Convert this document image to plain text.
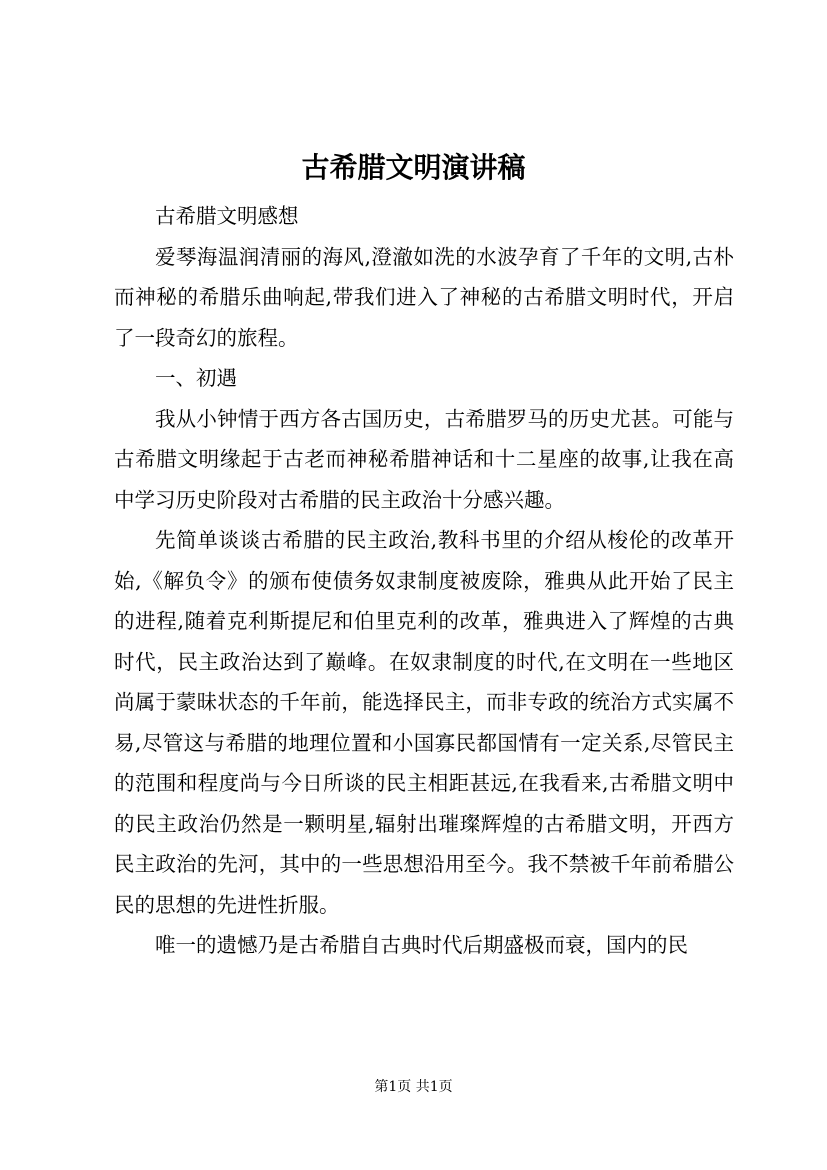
古希腊文明演讲稿

古希腊文明感想

爱琴海温润清丽的海风,澄澈如洗的水波孕育了千年的文明,古朴而神秘的希腊乐曲响起,带我们进入了神秘的古希腊文明时代，开启了一段奇幻的旅程。

一、初遇

我从小钟情于西方各古国历史，古希腊罗马的历史尤甚。可能与古希腊文明缘起于古老而神秘希腊神话和十二星座的故事,让我在高中学习历史阶段对古希腊的民主政治十分感兴趣。

先简单谈谈古希腊的民主政治,教科书里的介绍从梭伦的改革开始,《解负令》的颁布使债务奴隶制度被废除，雅典从此开始了民主的进程,随着克利斯提尼和伯里克利的改革，雅典进入了辉煌的古典时代，民主政治达到了巅峰。在奴隶制度的时代,在文明在一些地区尚属于蒙昧状态的千年前，能选择民主，而非专政的统治方式实属不易,尽管这与希腊的地理位置和小国寡民都国情有一定关系,尽管民主的范围和程度尚与今日所谈的民主相距甚远,在我看来,古希腊文明中的民主政治仍然是一颗明星,辐射出璀璨辉煌的古希腊文明，开西方民主政治的先河，其中的一些思想沿用至今。我不禁被千年前希腊公民的思想的先进性折服。

唯一的遗憾乃是古希腊自古典时代后期盛极而衰，国内的民

第1页 共1页
